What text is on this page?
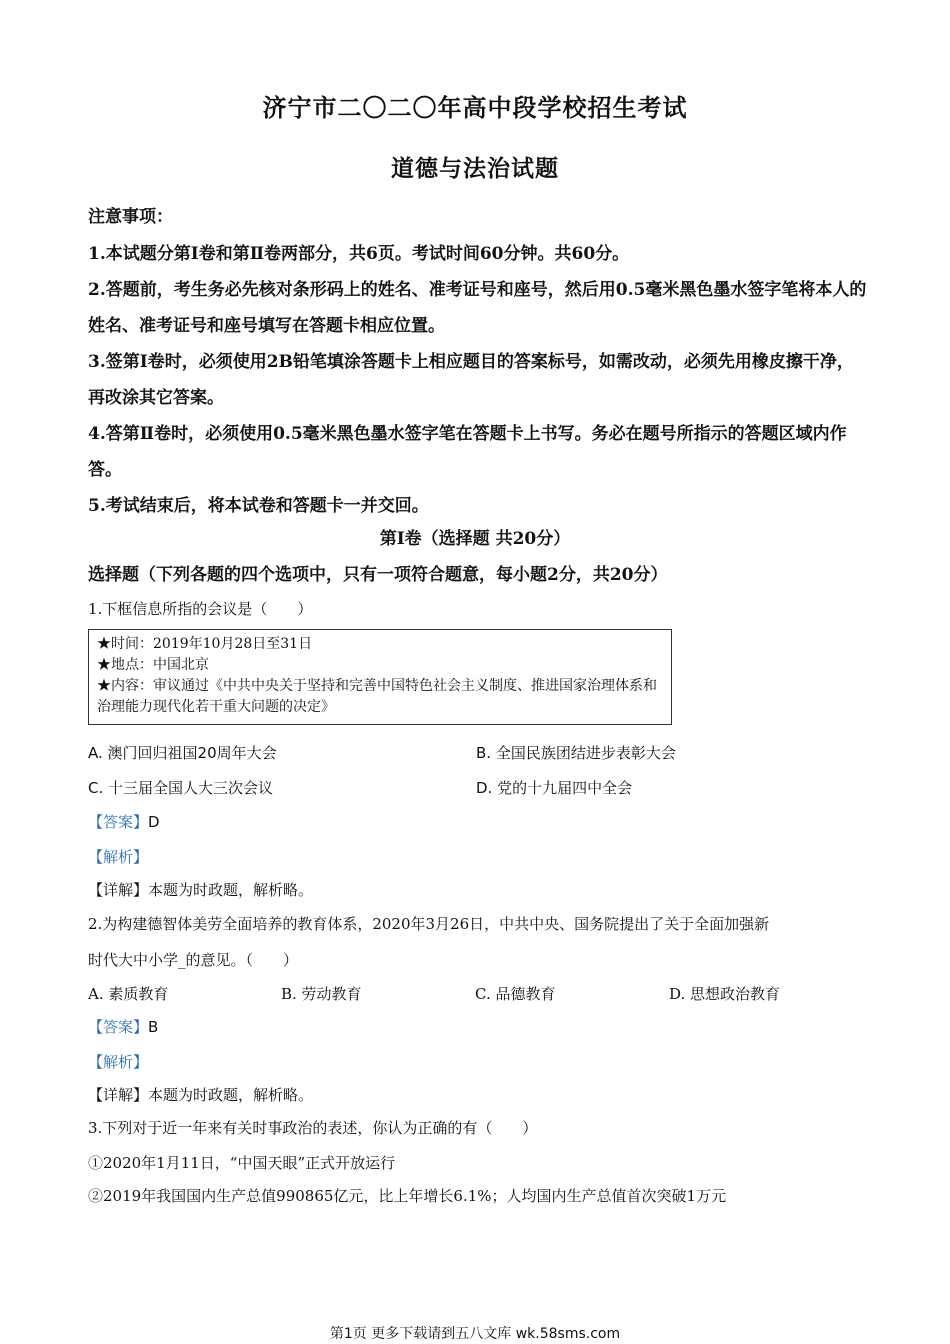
济宁市二〇二〇年高中段学校招生考试
道德与法治试题
注意事项：
1.本试题分第Ⅰ卷和第Ⅱ卷两部分，共6页。考试时间60分钟。共60分。
2.答题前，考生务必先核对条形码上的姓名、准考证号和座号，然后用0.5毫米黑色墨水签字笔将本人的姓名、准考证号和座号填写在答题卡相应位置。
3.签第Ⅰ卷时，必须使用2B铅笔填涂答题卡上相应题目的答案标号，如需改动，必须先用橡皮擦干净，再改涂其它答案。
4.答第Ⅱ卷时，必须使用0.5毫米黑色墨水签字笔在答题卡上书写。务必在题号所指示的答题区域内作答。
5.考试结束后，将本试卷和答题卡一并交回。
第Ⅰ卷（选择题 共20分）
选择题（下列各题的四个选项中，只有一项符合题意，每小题2分，共20分）
1.下框信息所指的会议是（　　）
★时间：2019年10月28日至31日
★地点：中国北京
★内容：审议通过《中共中央关于坚持和完善中国特色社会主义制度、推进国家治理体系和治理能力现代化若干重大问题的决定》
A. 澳门回归祖国20周年大会	B. 全国民族团结进步表彰大会
C. 十三届全国人大三次会议	D. 党的十九届四中全会
【答案】D
【解析】
【详解】本题为时政题，解析略。
2.为构建德智体美劳全面培养的教育体系，2020年3月26日，中共中央、国务院提出了关于全面加强新
时代大中小学_的意见。（　　）
A. 素质教育	B. 劳动教育	C. 品德教育	D. 思想政治教育
【答案】B
【解析】
【详解】本题为时政题，解析略。
3.下列对于近一年来有关时事政治的表述，你认为正确的有（　　）
①2020年1月11日，“中国天眼”正式开放运行
②2019年我国国内生产总值990865亿元，比上年增长6.1%；人均国内生产总值首次突破1万元
第1页 更多下载请到五八文库 wk.58sms.com
